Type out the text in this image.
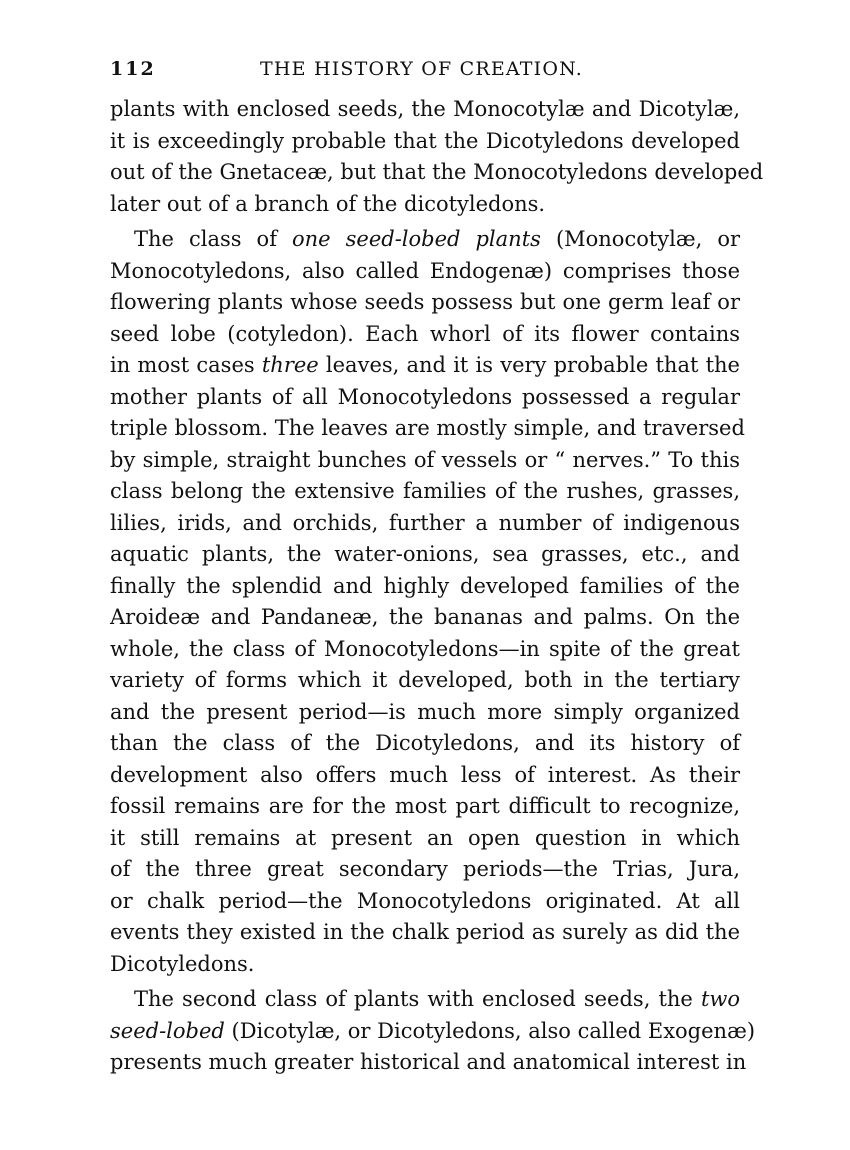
112	THE HISTORY OF CREATION.

plants with enclosed seeds, the Monocotylæ and Dicotylæ,
it is exceedingly probable that the Dicotyledons developed
out of the Gnetaceæ, but that the Monocotyledons developed
later out of a branch of the dicotyledons.

The class of one seed-lobed plants (Monocotylæ, or
Monocotyledons, also called Endogenæ) comprises those
flowering plants whose seeds possess but one germ leaf or
seed lobe (cotyledon). Each whorl of its flower contains
in most cases three leaves, and it is very probable that the
mother plants of all Monocotyledons possessed a regular
triple blossom. The leaves are mostly simple, and traversed
by simple, straight bunches of vessels or “ nerves.” To this
class belong the extensive families of the rushes, grasses,
lilies, irids, and orchids, further a number of indigenous
aquatic plants, the water-onions, sea grasses, etc., and
finally the splendid and highly developed families of the
Aroideæ and Pandaneæ, the bananas and palms. On the
whole, the class of Monocotyledons—in spite of the great
variety of forms which it developed, both in the tertiary
and the present period—is much more simply organized
than the class of the Dicotyledons, and its history of
development also offers much less of interest. As their
fossil remains are for the most part difficult to recognize,
it still remains at present an open question in which
of the three great secondary periods—the Trias, Jura,
or chalk period—the Monocotyledons originated. At all
events they existed in the chalk period as surely as did the
Dicotyledons.

The second class of plants with enclosed seeds, the two
seed-lobed (Dicotylæ, or Dicotyledons, also called Exogenæ)
presents much greater historical and anatomical interest in
